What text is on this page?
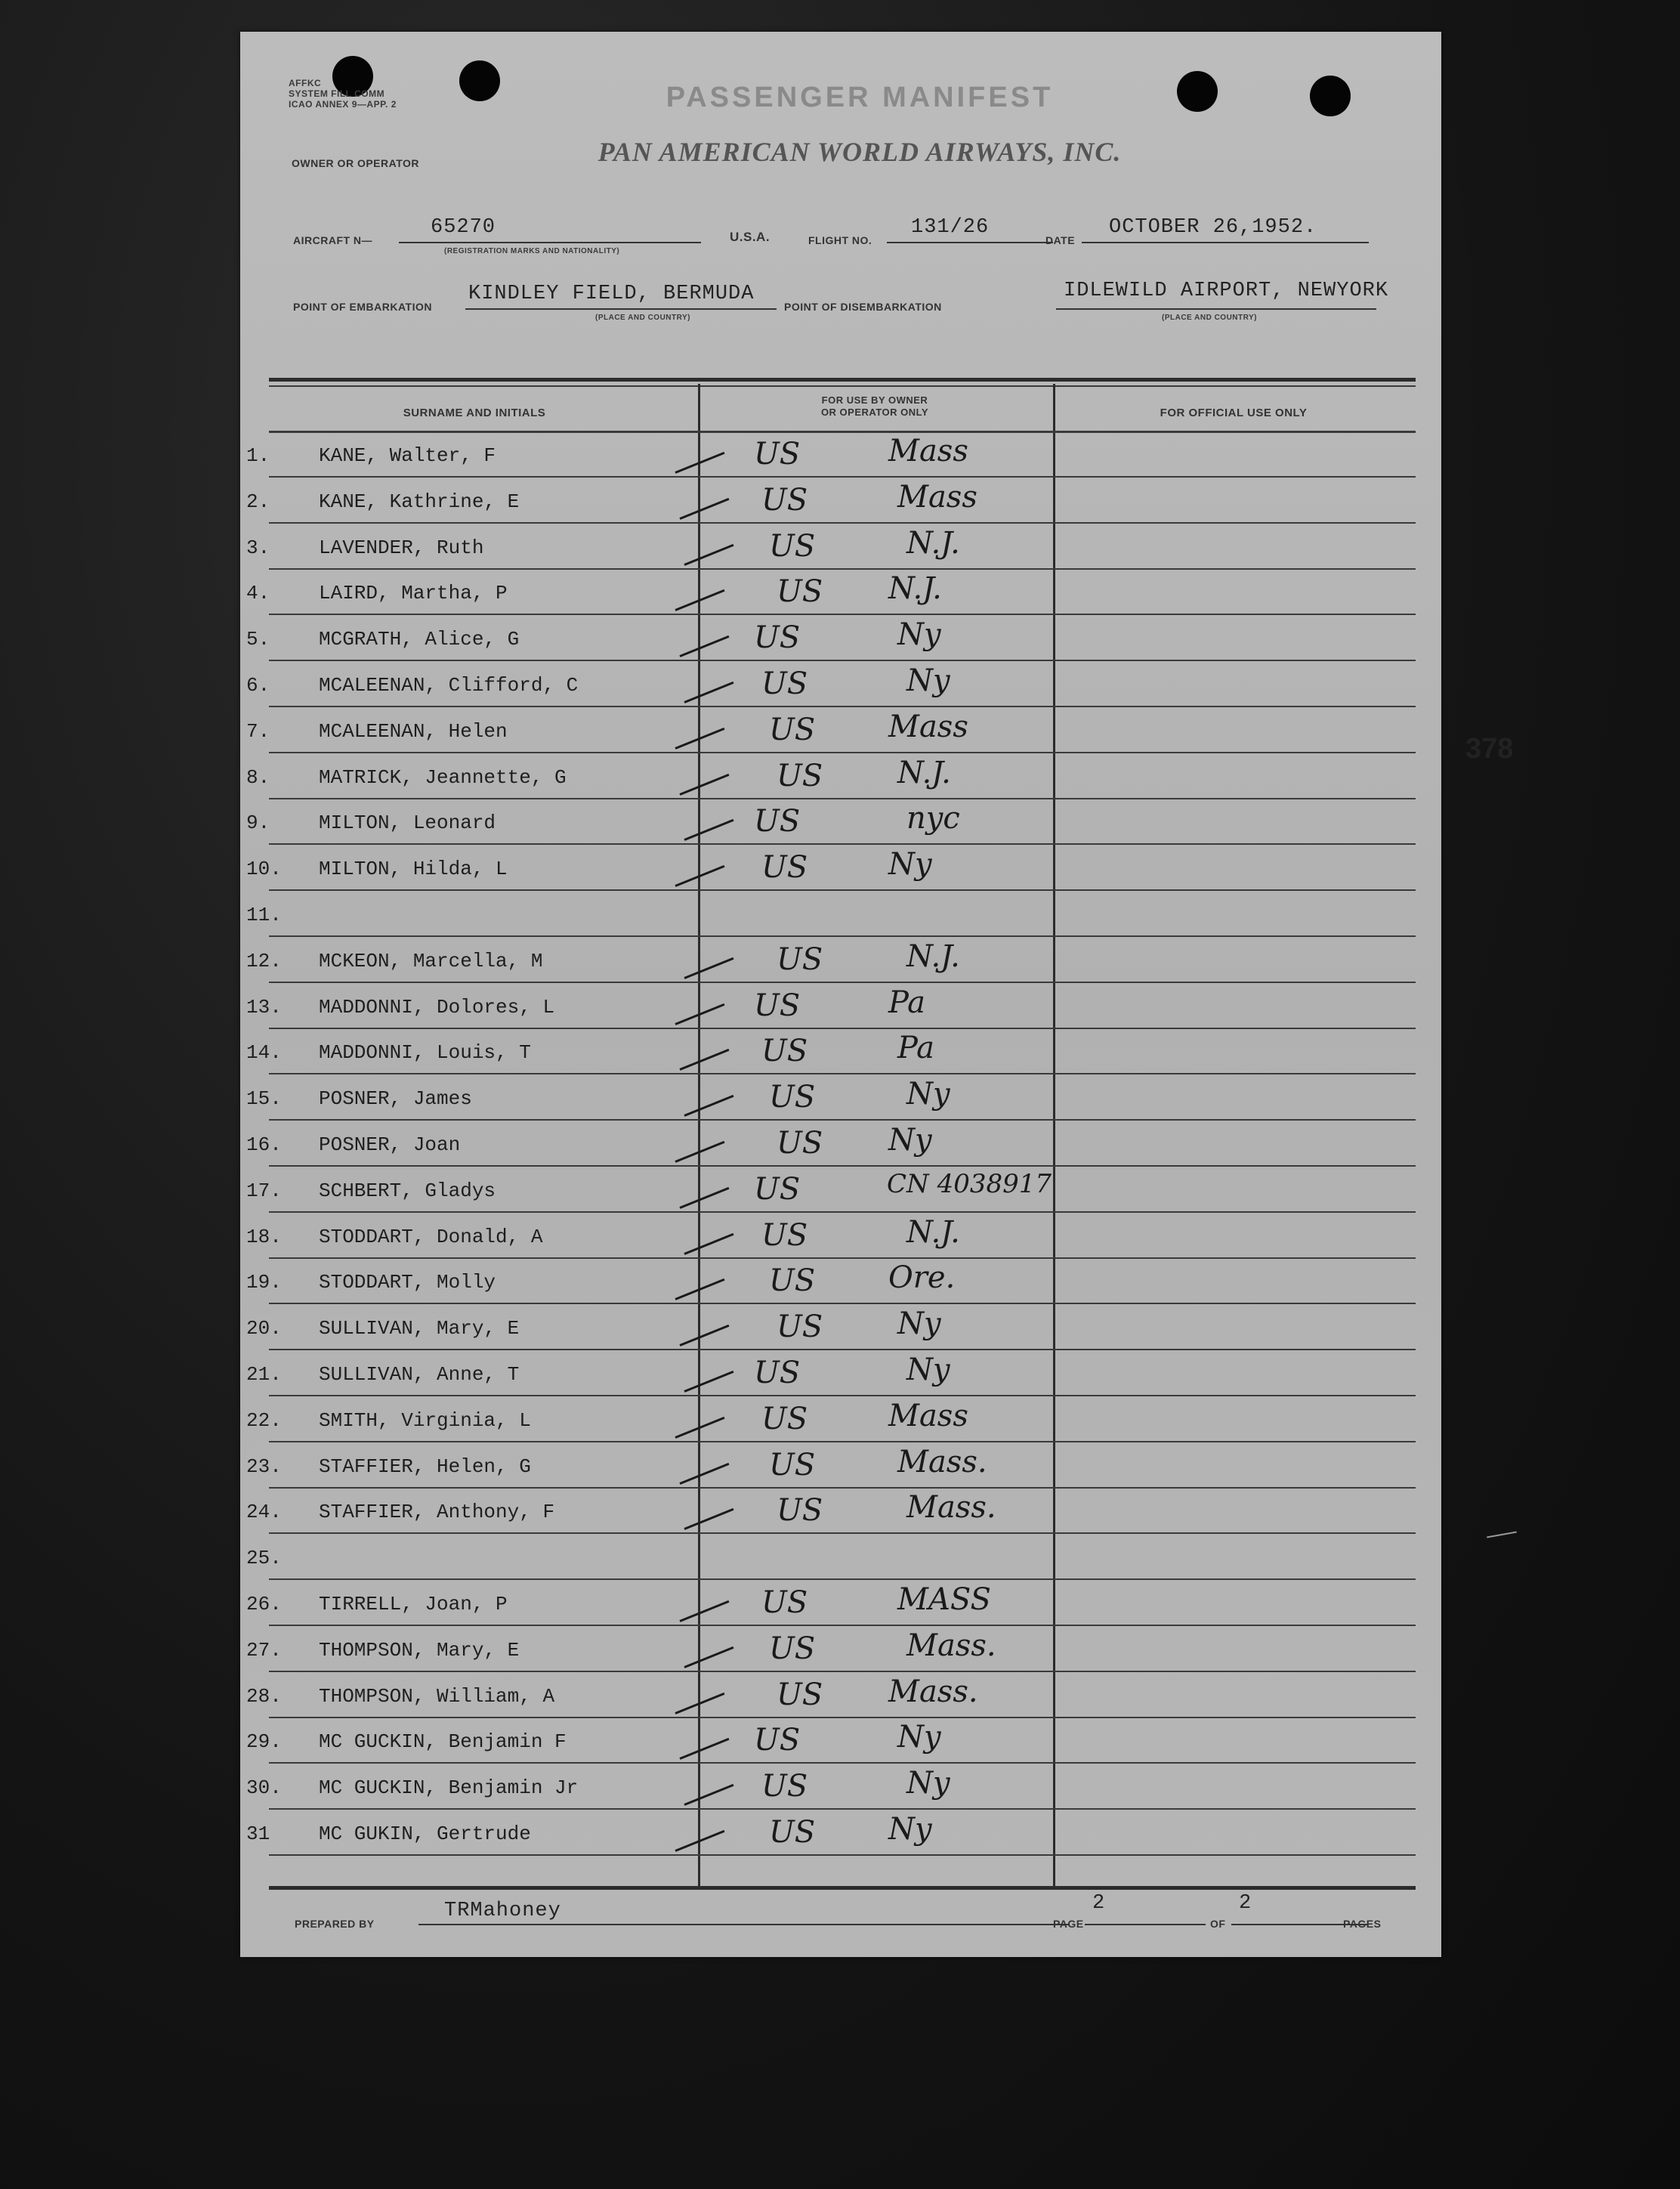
AFFKC
SYSTEM FILL COMM
ICAO ANNEX 9—APP. 2	PASSENGER MANIFEST
OWNER OR OPERATOR	PAN AMERICAN WORLD AIRWAYS, INC.
AIRCRAFT N—
65270
(REGISTRATION MARKS AND NATIONALITY)
U.S.A.	FLIGHT NO.
131/26
DATE
OCTOBER 26,1952.
POINT OF EMBARKATION
KINDLEY FIELD, BERMUDA
(PLACE AND COUNTRY)
POINT OF DISEMBARKATION
IDLEWILD AIRPORT, NEWYORK
(PLACE AND COUNTRY)
SURNAME AND INITIALS
FOR USE BY OWNER
OR OPERATOR ONLY	FOR OFFICIAL USE ONLY
1. KANE, Walter, F	US	Mass
2. KANE, Kathrine, E	US	Mass
3. LAVENDER, Ruth	US	N.J.
4. LAIRD, Martha, P	US N.J.
5. MCGRATH, Alice, G	US	Ny
6. MCALEENAN, Clifford, C	US	Ny
7. MCALEENAN, Helen	US Mass
8. MATRICK, Jeannette, G	US N.J.
9. MILTON, Leonard	US	nyc
10. MILTON, Hilda, L	US	Ny
11.
12. MCKEON, Marcella, M	US	N.J.
13. MADDONNI, Dolores, L	US	Pa
14. MADDONNI, Louis, T	US	Pa
15. POSNER, James	US	Ny
16. POSNER, Joan	US Ny
17. SCHBERT, Gladys	US	CN 4038917
18. STODDART, Donald, A	US	N.J.
19. STODDART, Molly	US Ore.
20. SULLIVAN, Mary, E	US Ny
21. SULLIVAN, Anne, T	US	Ny
22. SMITH, Virginia, L	US	Mass
23. STAFFIER, Helen, G	US	Mass.
24. STAFFIER, Anthony, F	US	Mass.
25.
26. TIRRELL, Joan, P	US	MASS
27. THOMPSON, Mary, E	US	Mass.
28. THOMPSON, William, A	US Mass.
29. MC GUCKIN, Benjamin F	US	Ny
30. MC GUCKIN, Benjamin Jr	US	Ny
31 MC GUKIN, Gertrude	US Ny
378
PREPARED BY
TRMahoney
PAGE
2
OF
2
PAGES
